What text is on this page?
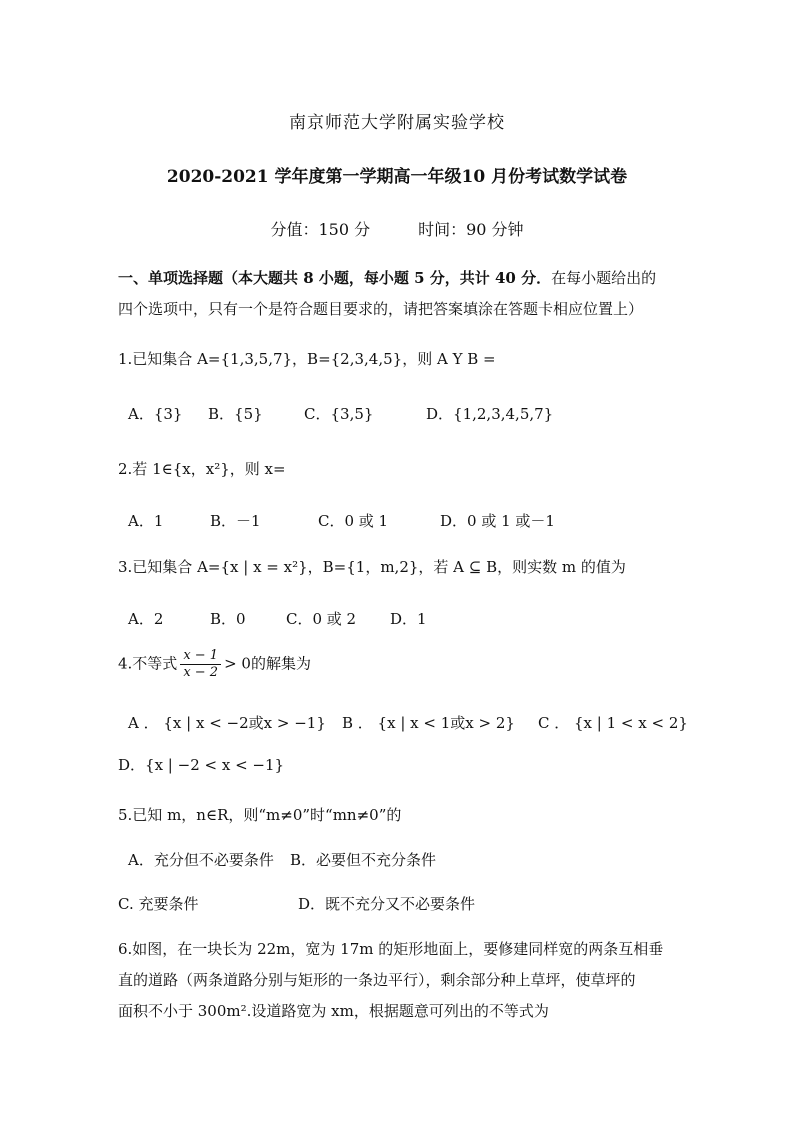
南京师范大学附属实验学校
2020-2021 学年度第一学期高一年级10 月份考试数学试卷
分值：150 分	时间：90 分钟
一、单项选择题（本大题共 8 小题，每小题 5 分，共计 40 分．在每小题给出的
四个选项中，只有一个是符合题目要求的，请把答案填涂在答题卡相应位置上）
1.已知集合 A={1,3,5,7}，B={2,3,4,5}，则 A Y B =
A．{3} B．{5}	C．{3,5}	D．{1,2,3,4,5,7}
2.若 1∈{x，x²}，则 x=
A．1	B．－1	C．0 或 1	D．0 或 1 或－1
3.已知集合 A={x | x = x²}，B={1，m,2}，若 A ⊆ B，则实数 m 的值为
A．2	B．0	C．0 或 2 D．1
4.不等式 $\frac{x - 1}{x - 2} > 0$的解集为
A ． {x | x < −2或x > −1} B ． {x | x < 1或x > 2} C ． {x | 1 < x < 2}
D．{x | −2 < x < −1}
5.已知 m，n∈R，则“m≠0”时“mn≠0”的
A．充分但不必要条件 B．必要但不充分条件
C. 充要条件	D．既不充分又不必要条件
6.如图，在一块长为 22m，宽为 17m 的矩形地面上，要修建同样宽的两条互相垂
直的道路（两条道路分别与矩形的一条边平行），剩余部分种上草坪，使草坪的
面积不小于 300m².设道路宽为 xm，根据题意可列出的不等式为
